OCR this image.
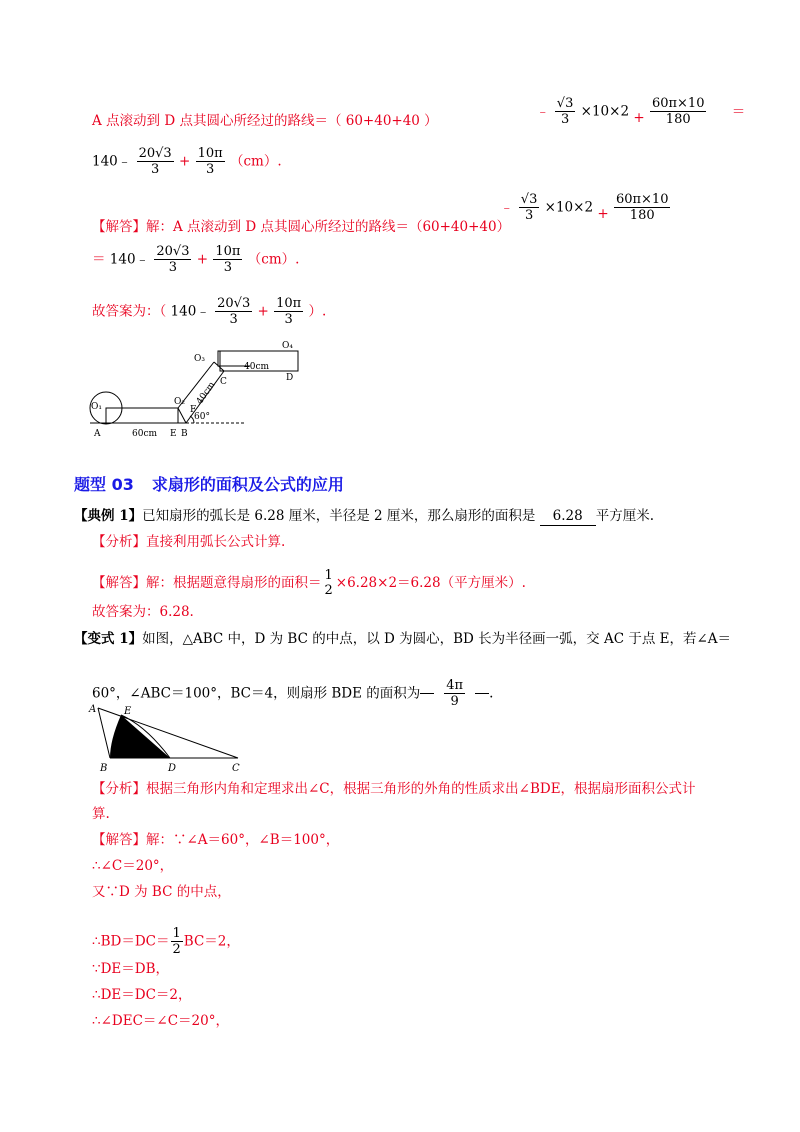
A 点滚动到 D 点其圆心所经过的路线＝（ 60+40+40 ）
﹣ $\frac{√3}{3} \times 10\times 2 + \frac{60\pi\times 10}{180}$ ＝
140﹣ $\frac{20√3}{3} + \frac{10\pi}{3} (cm)$.
【解答】解：A 点滚动到 D 点其圆心所经过的路线＝（60+40+40）
﹣ $\frac{√3}{3} \times 10\times 2 + \frac{60\pi\times 10}{180}$
＝ 140﹣ $\frac{20√3}{3} + \frac{10\pi}{3} (cm)$.
故答案为：（ 140﹣ $\frac{20√3}{3} + \frac{10\pi}{3}$ ）.
O₁
O₃
O₂
A	E B
C
60cm
40cm
60°
F
O₄
D
40cm
题型 03 求扇形的面积及公式的应用
【典例 1】已知扇形的弧长是 6.28 厘米，半径是 2 厘米，那么扇形的面积是 6.28 平方厘米.
【分析】直接利用弧长公式计算.
【解答】解：根据题意得扇形的面积＝ 1
2 ×6.28×2＝6.28（平方厘米）.
故答案为：6.28.
【变式 1】如图，△ABC 中，D 为 BC 的中点，以 D 为圆心，BD 长为半径画一弧，交 AC 于点 E，若∠A＝
60°，∠ABC＝100°，BC＝4，则扇形 BDE 的面积为 $\frac{4\pi}{9}$ .
A	E
B	D	C
【分析】根据三角形内角和定理求出∠C，根据三角形的外角的性质求出∠BDE，根据扇形面积公式计
算.
【解答】解：∵∠A＝60°，∠B＝100°，
∴∠C＝20°，
又∵D 为 BC 的中点，
∴BD＝DC＝ $\frac{1}{2} BC=2$，
∵DE＝DB，
∴DE＝DC＝2，
∴∠DEC＝∠C＝20°，
